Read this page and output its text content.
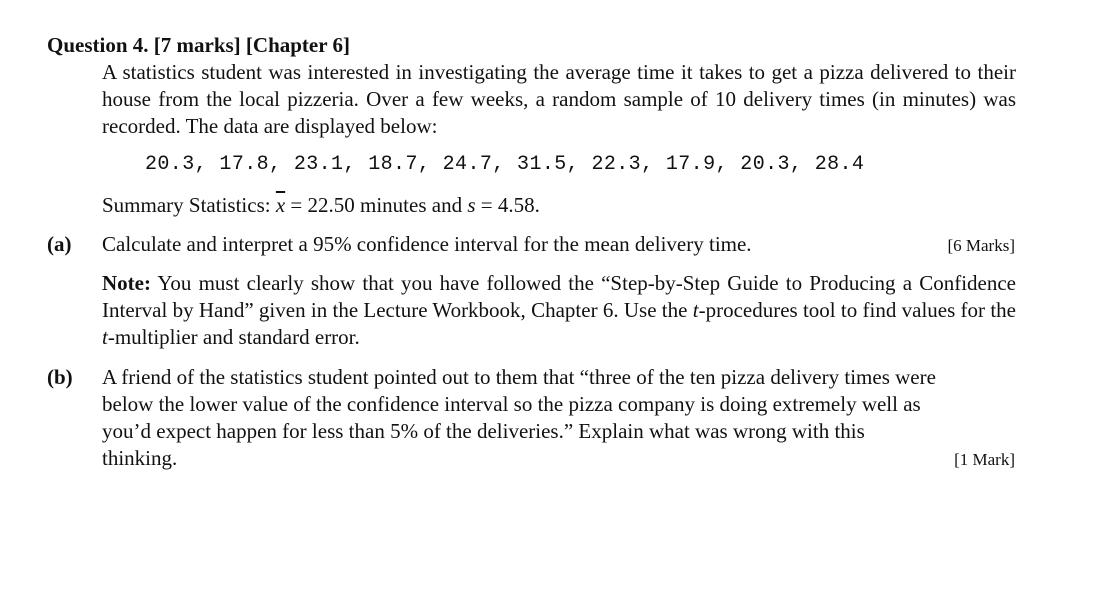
Question 4. [7 marks] [Chapter 6]
A statistics student was interested in investigating the average time it takes to get a pizza delivered to their house from the local pizzeria. Over a few weeks, a random sample of 10 delivery times (in minutes) was recorded. The data are displayed below:
20.3, 17.8, 23.1, 18.7, 24.7, 31.5, 22.3, 17.9, 20.3, 28.4
Summary Statistics: $\overline{x} = 22.50$ minutes and s = 4.58.
(a) Calculate and interpret a 95% confidence interval for the mean delivery time.	[6 Marks]
Note: You must clearly show that you have followed the “Step-by-Step Guide to Producing a Confidence Interval by Hand” given in the Lecture Workbook, Chapter 6. Use the t-procedures tool to find values for the t-multiplier and standard error.
(b) A friend of the statistics student pointed out to them that “three of the ten pizza delivery times were below the lower value of the confidence interval so the pizza company is doing extremely well as you’d expect happen for less than 5% of the deliveries.” Explain what was wrong with this thinking.	[1 Mark]
